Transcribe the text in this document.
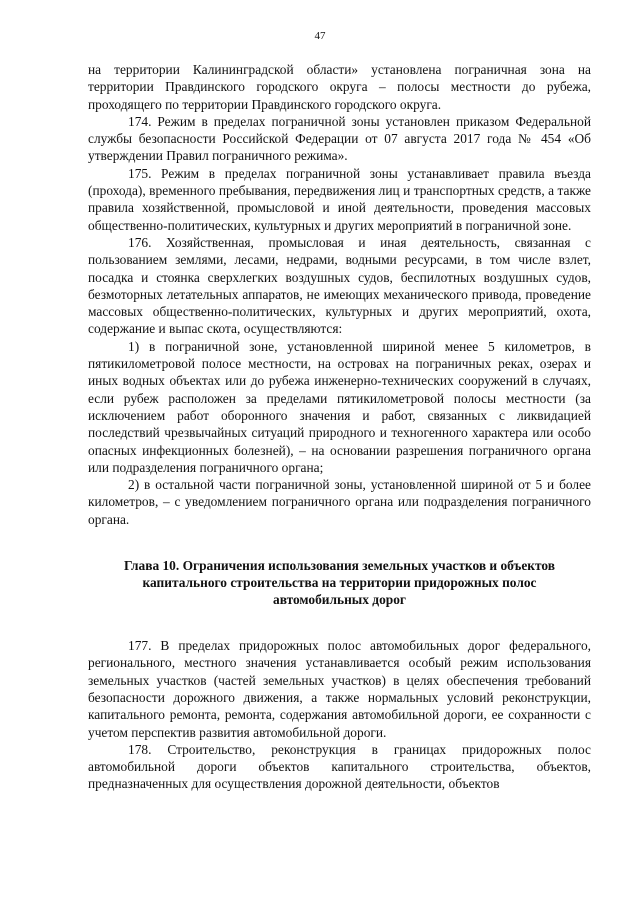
47

на территории Калининградской области» установлена пограничная зона на территории Правдинского городского округа – полосы местности до рубежа, проходящего по территории Правдинского городского округа.

174. Режим в пределах пограничной зоны установлен приказом Федеральной службы безопасности Российской Федерации от 07 августа 2017 года № 454 «Об утверждении Правил пограничного режима».

175. Режим в пределах пограничной зоны устанавливает правила въезда (прохода), временного пребывания, передвижения лиц и транспортных средств, а также правила хозяйственной, промысловой и иной деятельности, проведения массовых общественно-политических, культурных и других мероприятий в пограничной зоне.

176. Хозяйственная, промысловая и иная деятельность, связанная с пользованием землями, лесами, недрами, водными ресурсами, в том числе взлет, посадка и стоянка сверхлегких воздушных судов, беспилотных воздушных судов, безмоторных летательных аппаратов, не имеющих механического привода, проведение массовых общественно-политических, культурных и других мероприятий, охота, содержание и выпас скота, осуществляются:

1) в пограничной зоне, установленной шириной менее 5 километров, в пятикилометровой полосе местности, на островах на пограничных реках, озерах и иных водных объектах или до рубежа инженерно-технических сооружений в случаях, если рубеж расположен за пределами пятикилометровой полосы местности (за исключением работ оборонного значения и работ, связанных с ликвидацией последствий чрезвычайных ситуаций природного и техногенного характера или особо опасных инфекционных болезней), – на основании разрешения пограничного органа или подразделения пограничного органа;

2) в остальной части пограничной зоны, установленной шириной от 5 и более километров, – с уведомлением пограничного органа или подразделения пограничного органа.

Глава 10. Ограничения использования земельных участков и объектов капитального строительства на территории придорожных полос автомобильных дорог

177. В пределах придорожных полос автомобильных дорог федерального, регионального, местного значения устанавливается особый режим использования земельных участков (частей земельных участков) в целях обеспечения требований безопасности дорожного движения, а также нормальных условий реконструкции, капитального ремонта, ремонта, содержания автомобильной дороги, ее сохранности с учетом перспектив развития автомобильной дороги.

178. Строительство, реконструкция в границах придорожных полос автомобильной дороги объектов капитального строительства, объектов, предназначенных для осуществления дорожной деятельности, объектов
